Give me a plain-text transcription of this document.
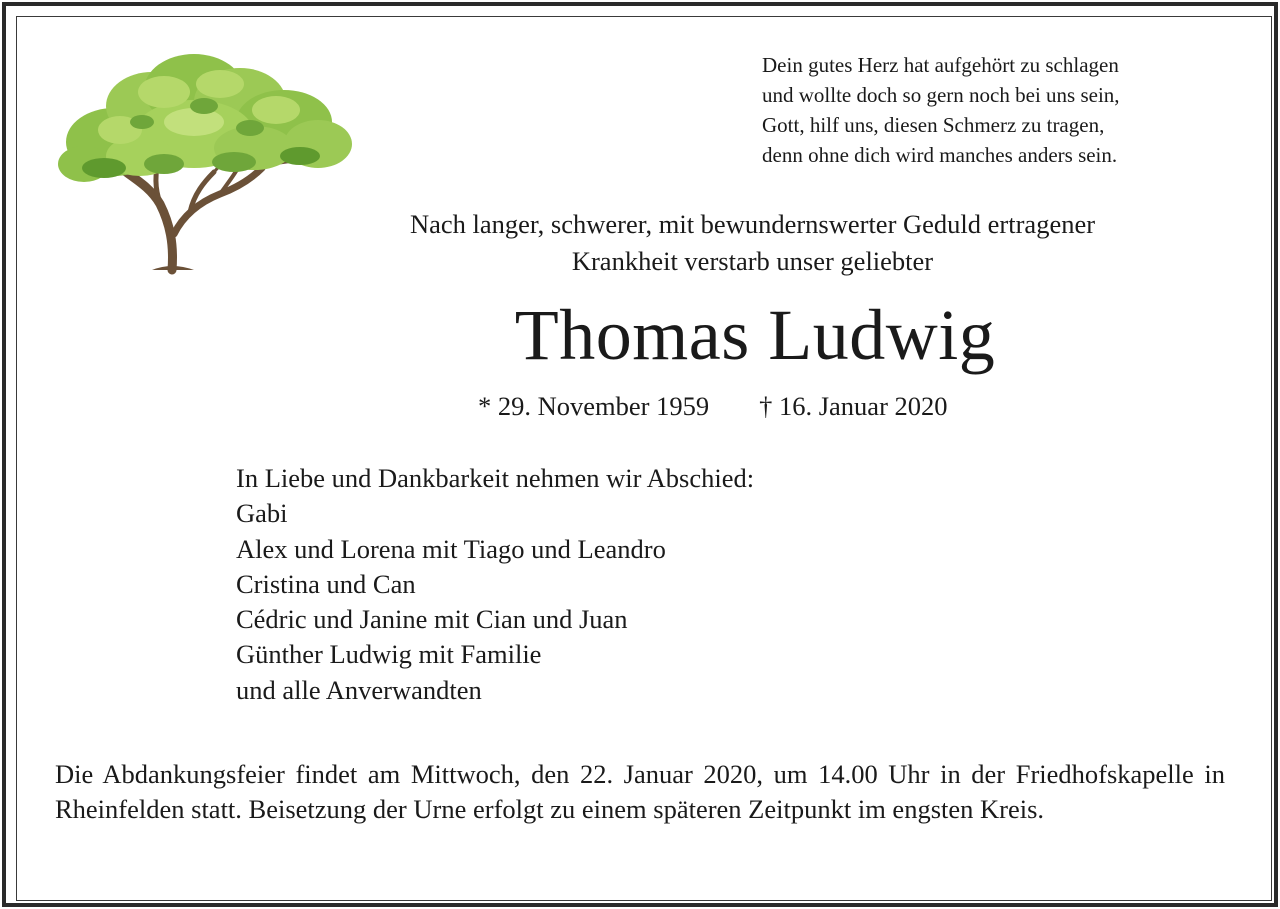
Dein gutes Herz hat aufgehört zu schlagen
und wollte doch so gern noch bei uns sein,
Gott, hilf uns, diesen Schmerz zu tragen,
denn ohne dich wird manches anders sein.
Nach langer, schwerer, mit bewundernswerter Geduld ertragener
Krankheit verstarb unser geliebter
Thomas Ludwig
* 29. November 1959 † 16. Januar 2020
In Liebe und Dankbarkeit nehmen wir Abschied:
Gabi
Alex und Lorena mit Tiago und Leandro
Cristina und Can
Cédric und Janine mit Cian und Juan
Günther Ludwig mit Familie
und alle Anverwandten
Die Abdankungsfeier findet am Mittwoch, den 22. Januar 2020, um 14.00 Uhr in der Friedhofskapelle in Rheinfelden statt. Beisetzung der Urne erfolgt zu einem späteren Zeitpunkt im engsten Kreis.
